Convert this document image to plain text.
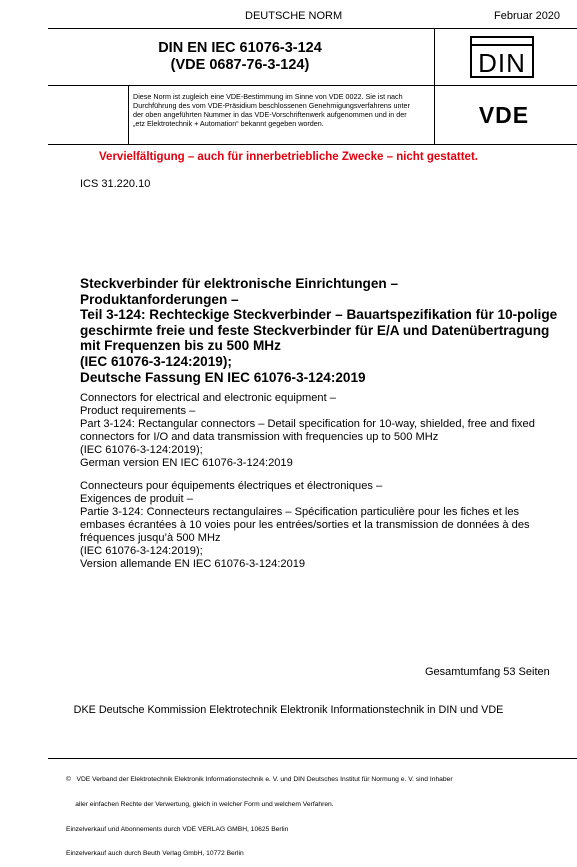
DEUTSCHE NORM	Februar 2020
DIN EN IEC 61076-3-124
(VDE 0687-76-3-124)	DIN
VDE
Diese Norm ist zugleich eine VDE-Bestimmung im Sinne von VDE 0022. Sie ist nach
Durchführung des vom VDE-Präsidium beschlossenen Genehmigungsverfahrens unter
der oben angeführten Nummer in das VDE-Vorschriftenwerk aufgenommen und in der
„etz Elektrotechnik + Automation“ bekannt gegeben worden.
Vervielfältigung – auch für innerbetriebliche Zwecke – nicht gestattet.
ICS 31.220.10
Steckverbinder für elektronische Einrichtungen –
Produktanforderungen –
Teil 3-124: Rechteckige Steckverbinder – Bauartspezifikation für 10-polige
geschirmte freie und feste Steckverbinder für E/A und Datenübertragung
mit Frequenzen bis zu 500 MHz
(IEC 61076-3-124:2019);
Deutsche Fassung EN IEC 61076-3-124:2019
Connectors for electrical and electronic equipment –
Product requirements –
Part 3-124: Rectangular connectors – Detail specification for 10-way, shielded, free and fixed
connectors for I/O and data transmission with frequencies up to 500 MHz
(IEC 61076-3-124:2019);
German version EN IEC 61076-3-124:2019
Connecteurs pour équipements électriques et électroniques –
Exigences de produit –
Partie 3-124: Connecteurs rectangulaires – Spécification particulière pour les fiches et les
embases écrantées à 10 voies pour les entrées/sorties et la transmission de données à des
fréquences jusqu’à 500 MHz
(IEC 61076-3-124:2019);
Version allemande EN IEC 61076-3-124:2019
Gesamtumfang 53 Seiten
DKE Deutsche Kommission Elektrotechnik Elektronik Informationstechnik in DIN und VDE

©   VDE Verband der Elektrotechnik Elektronik Informationstechnik e. V. und DIN Deutsches Institut für Normung e. V. sind Inhaber

aller einfachen Rechte der Verwertung, gleich in welcher Form und welchem Verfahren.

Einzelverkauf und Abonnements durch VDE VERLAG GMBH, 10625 Berlin

Einzelverkauf auch durch Beuth Verlag GmbH, 10772 Berlin
